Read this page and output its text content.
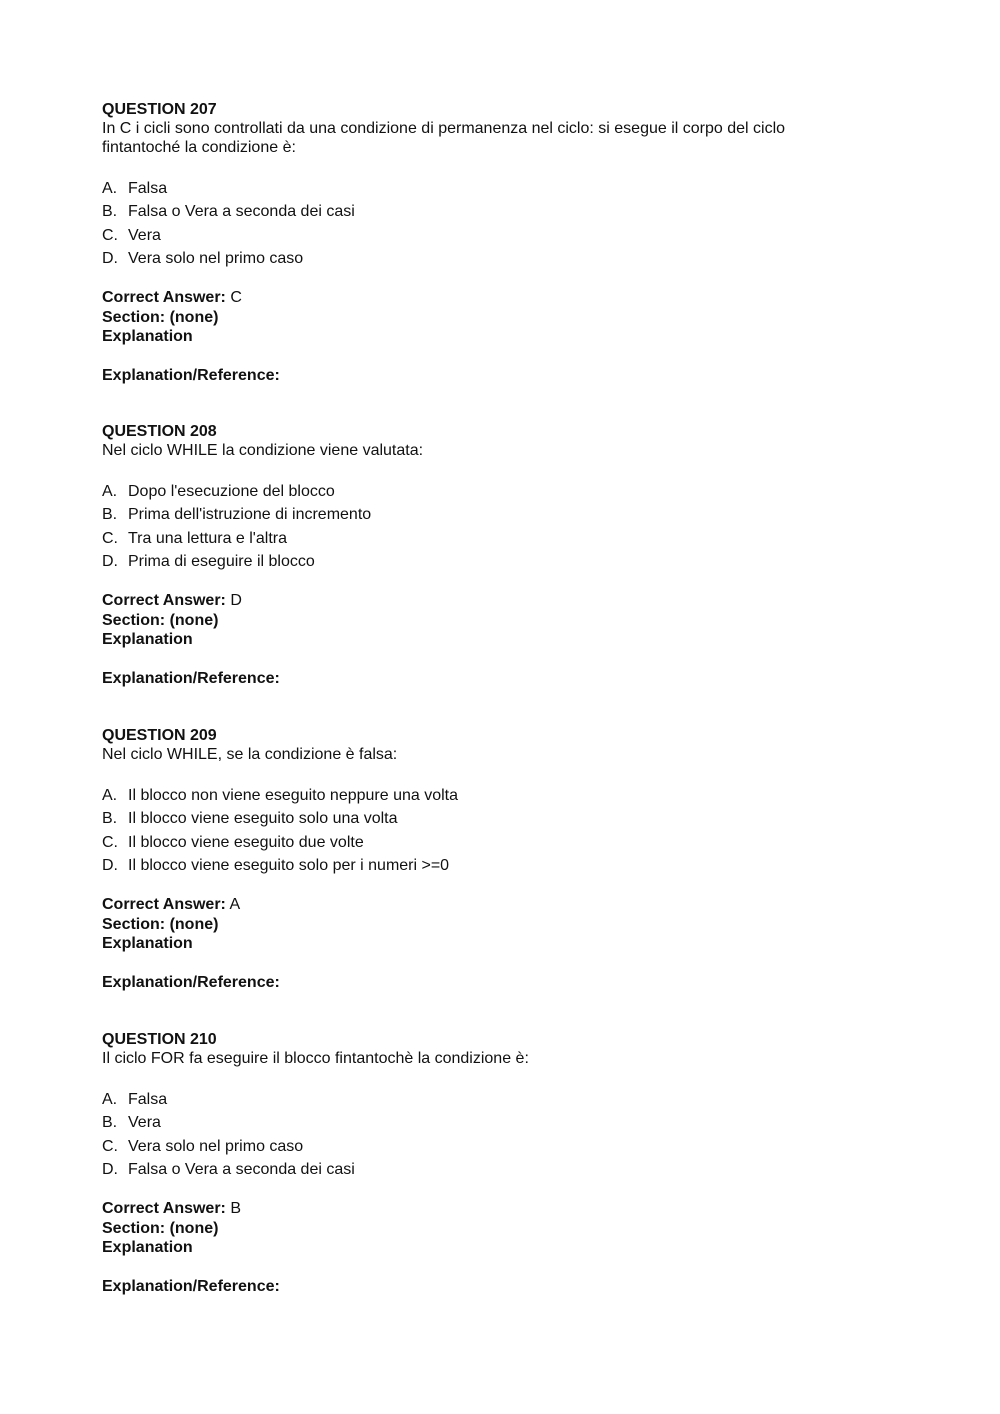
QUESTION 207
In C i cicli sono controllati da una condizione di permanenza nel ciclo: si esegue il corpo del ciclo
fintantoché la condizione è:
A. Falsa
B. Falsa o Vera a seconda dei casi
C. Vera
D. Vera solo nel primo caso
Correct Answer: C
Section: (none)
Explanation
Explanation/Reference:
QUESTION 208
Nel ciclo WHILE la condizione viene valutata:
A. Dopo l'esecuzione del blocco
B. Prima dell'istruzione di incremento
C. Tra una lettura e l'altra
D. Prima di eseguire il blocco
Correct Answer: D
Section: (none)
Explanation
Explanation/Reference:
QUESTION 209
Nel ciclo WHILE, se la condizione è falsa:
A. Il blocco non viene eseguito neppure una volta
B. Il blocco viene eseguito solo una volta
C. Il blocco viene eseguito due volte
D. Il blocco viene eseguito solo per i numeri >=0
Correct Answer: A
Section: (none)
Explanation
Explanation/Reference:
QUESTION 210
Il ciclo FOR fa eseguire il blocco fintantochè la condizione è:
A. Falsa
B. Vera
C. Vera solo nel primo caso
D. Falsa o Vera a seconda dei casi
Correct Answer: B
Section: (none)
Explanation
Explanation/Reference:
